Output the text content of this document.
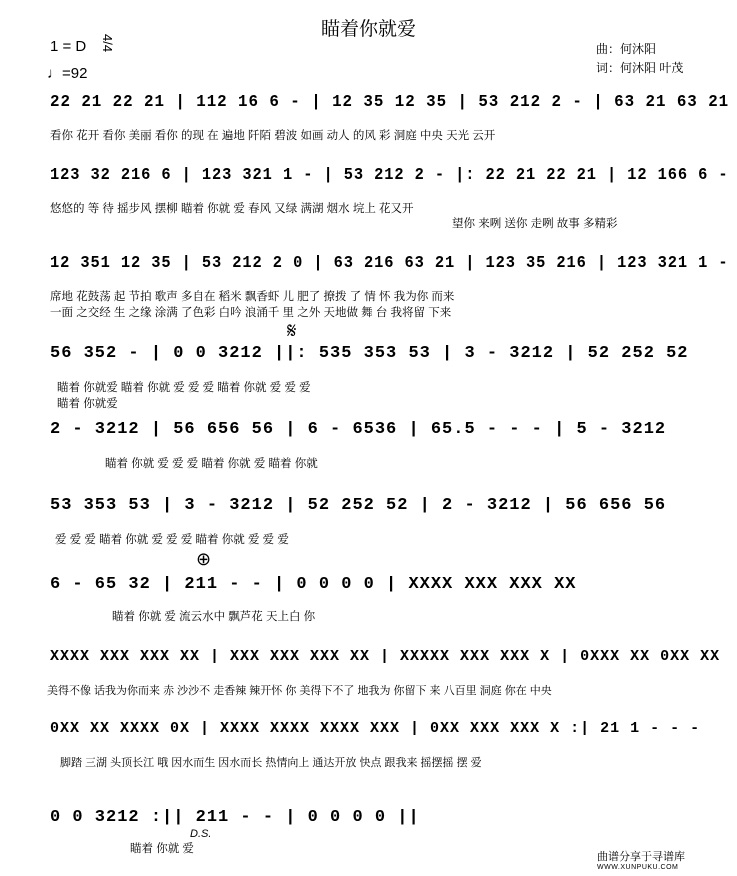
瞄着你就爱
1 = D 4/4
♩=92
曲：何沐阳
词：何沐阳 叶茂
22 21 22 21 | 112 16 6 - | 12 35 12 35 | 53 212 2 - | 63 21 63 21
看你 花开 看你 美丽 看你 的现 在 遍地 阡陌 碧波 如画 动人 的风 彩 洞庭 中央 天光 云开
123 32 216 6 | 123 321 1 - | 53 212 2 - |: 22 21 22 21 | 12 166 6 -
悠悠的 等 待 摇步风 摆柳 瞄着 你就 爱 春风 又绿 满湖 烟水 垸上 花又开
望你 来咧 送你 走咧 故事 多精彩
12 351 12 35 | 53 212 2 0 | 63 216 63 21 | 123 35 216 | 123 321 1 -
席地 花鼓荡 起 节拍 歌声 多自在 稻米 飘香虾 儿 肥了 撩拨 了 情 怀 我为你 而来
一面 之交经 生 之缘 涂满 了色彩 白吟 浪涌千 里 之外 天地做 舞 台 我将留 下来
𝄋
56 352 - | 0 0 3212 ||: 535 353 53 | 3 - 3212 | 52 252 52
瞄着 你就爱 瞄着 你就 爱 爱 爱 瞄着 你就 爱 爱 爱
瞄着 你就爱
2 - 3212 | 56 656 56 | 6 - 6536 | 65.5 - - - | 5 - 3212
瞄着 你就 爱 爱 爱 瞄着 你就 爱 瞄着 你就
53 353 53 | 3 - 3212 | 52 252 52 | 2 - 3212 | 56 656 56
爱 爱 爱 瞄着 你就 爱 爱 爱 瞄着 你就 爱 爱 爱
⊕
6 - 65 32 | 211 - - | 0 0 0 0 | XXXX XXX XXX XX
瞄着 你就 爱 流云水中 飘芦花 天上白 你
XXXX XXX XXX XX | XXX XXX XXX XX | XXXXX XXX XXX X | 0XXX XX 0XX XX
美得不像 话我为你而来 赤 沙沙不 走香辣 辣开怀 你 美得下不了 地我为 你留下 来 八百里 洞庭 你在 中央
0XX XX XXXX 0X | XXXX XXXX XXXX XXX | 0XX XXX XXX X :| 21 1 - - -
脚踏 三湖 头顶长江 哦 因水而生 因水而长 热情向上 通达开放 快点 跟我来 摇摆摇 摆 爱
0 0 3212 :|| 211 - - | 0 0 0 0 ||
瞄着 你就 爱
D.S.
曲谱分享于寻谱库
WWW.XUNPUKU.COM
